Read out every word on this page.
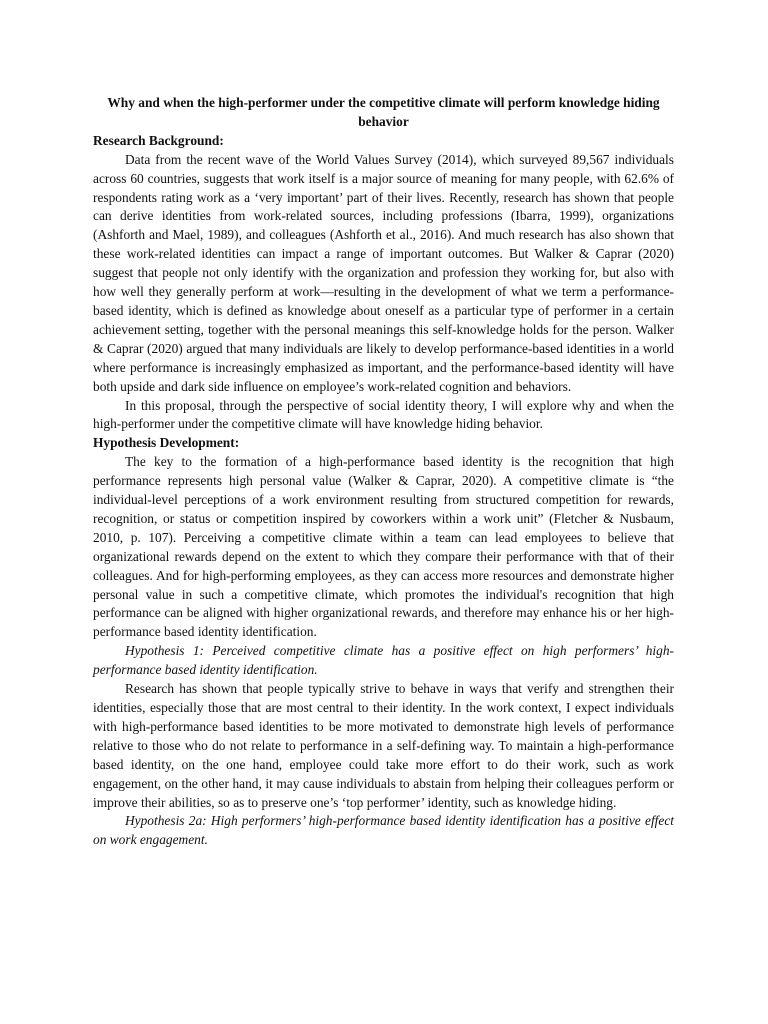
Why and when the high-performer under the competitive climate will perform knowledge hiding behavior

Research Background:

Data from the recent wave of the World Values Survey (2014), which surveyed 89,567 individuals across 60 countries, suggests that work itself is a major source of meaning for many people, with 62.6% of respondents rating work as a ‘very important’ part of their lives. Recently, research has shown that people can derive identities from work-related sources, including professions (Ibarra, 1999), organizations (Ashforth and Mael, 1989), and colleagues (Ashforth et al., 2016). And much research has also shown that these work-related identities can impact a range of important outcomes. But Walker & Caprar (2020) suggest that people not only identify with the organization and profession they working for, but also with how well they generally perform at work—resulting in the development of what we term a performance-based identity, which is defined as knowledge about oneself as a particular type of performer in a certain achievement setting, together with the personal meanings this self-knowledge holds for the person. Walker & Caprar (2020) argued that many individuals are likely to develop performance-based identities in a world where performance is increasingly emphasized as important, and the performance-based identity will have both upside and dark side influence on employee’s work-related cognition and behaviors.

In this proposal, through the perspective of social identity theory, I will explore why and when the high-performer under the competitive climate will have knowledge hiding behavior.

Hypothesis Development:

The key to the formation of a high-performance based identity is the recognition that high performance represents high personal value (Walker & Caprar, 2020). A competitive climate is “the individual-level perceptions of a work environment resulting from structured competition for rewards, recognition, or status or competition inspired by coworkers within a work unit” (Fletcher & Nusbaum, 2010, p. 107). Perceiving a competitive climate within a team can lead employees to believe that organizational rewards depend on the extent to which they compare their performance with that of their colleagues. And for high-performing employees, as they can access more resources and demonstrate higher personal value in such a competitive climate, which promotes the individual's recognition that high performance can be aligned with higher organizational rewards, and therefore may enhance his or her high-performance based identity identification.

Hypothesis 1: Perceived competitive climate has a positive effect on high performers’ high-performance based identity identification.

Research has shown that people typically strive to behave in ways that verify and strengthen their identities, especially those that are most central to their identity. In the work context, I expect individuals with high-performance based identities to be more motivated to demonstrate high levels of performance relative to those who do not relate to performance in a self-defining way. To maintain a high-performance based identity, on the one hand, employee could take more effort to do their work, such as work engagement, on the other hand, it may cause individuals to abstain from helping their colleagues perform or improve their abilities, so as to preserve one’s ‘top performer’ identity, such as knowledge hiding.

Hypothesis 2a: High performers’ high-performance based identity identification has a positive effect on work engagement.
